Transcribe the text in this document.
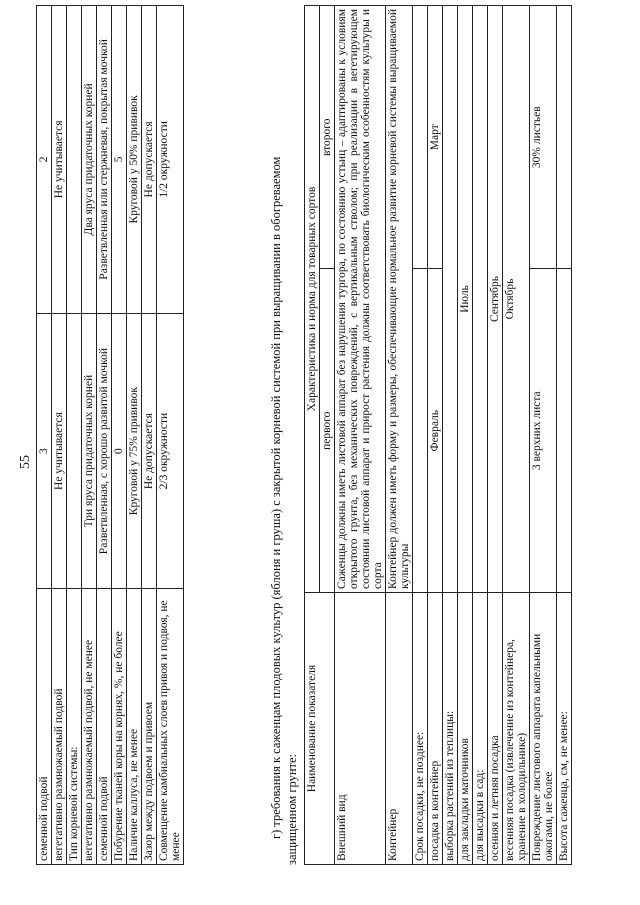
55
семенной подвой	3	2
вегетативно размножаемый подвой	Не учитывается	Не учитывается
Тип корневой системы:		
вегетативно размножаемый подвой, не менее	Три яруса придаточных корней	Два яруса придаточных корней
семенной подвой	Разветвленная, с хорошо развитой мочкой	Разветвленная или стержневая, покрытая мочкой
Побурение тканей коры на корнях, %, не более	0	5
Наличие каллуса, не менее	Круговой у 75% прививок	Круговой у 50% прививок
Зазор между подвоем и привоем	Не допускается	Не допускается
Совмещение камбиальных слоев привоя и подвоя, не менее	2/3 окружности	1/2 окружности	г) требования к саженцам плодовых культур (яблоня и груша) с закрытой корневой системой при выращивании в обогреваемом защищенном грунте:
Наименование показателя	Характеристика и норма для товарных сортов	
	первого	второго
Внешний вид	Саженцы должны иметь листовой аппарат без нарушения тургора, по состоянию устьиц – адаптированы к условиям открытого грунта, без механических повреждений, с вертикальным стволом; при реализации в вегетирующем состоянии листовой аппарат и прирост растения должны соответствовать биологическим особенностям культуры и сорта	
Контейнер	Контейнер должен иметь форму и размеры, обеспечивающие нормальное развитие корневой системы выращиваемой культуры	
Срок посадки, не позднее:		
посадка в контейнер	Февраль	Март
выборка растений из теплицы:		
для закладки маточников	Июль	
для высадки в сад:		
осенняя и летняя посадка	Сентябрь	
весенняя посадка (извлечение из контейнера, хранение в холодильнике)	Октябрь	
Повреждение листового аппарата капельными ожогами, не более	3 верхних листа	30% листьев
Высота саженца, см, не менее:		
